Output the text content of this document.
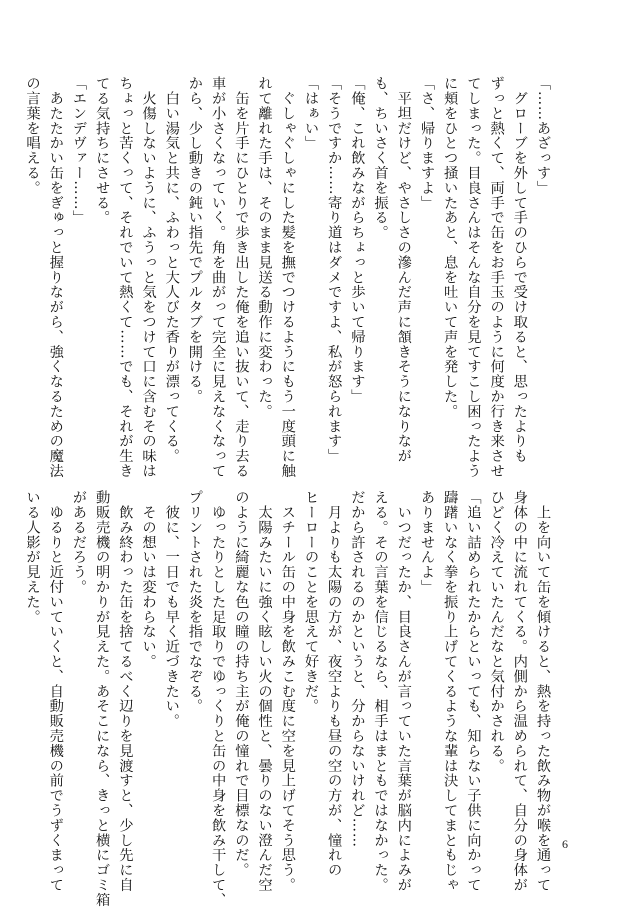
「……あざっす」
　グローブを外して手のひらで受け取ると、思ったよりも
ずっと熱くて、両手で缶をお手玉のように何度か行き来させ
てしまった。目良さんはそんな自分を見てすこし困ったよう
に頬をひとつ掻いたあと、息を吐いて声を発した。
「さ、帰りますよ」
　平坦だけど、やさしさの滲んだ声に頷きそうになりなが
も、ちいさく首を振る。
「俺、これ飲みながらちょっと歩いて帰ります」
「そうですか……寄り道はダメですよ、私が怒られます」
「はぁい」
　ぐしゃぐしゃにした髪を撫でつけるようにもう一度頭に触
れて離れた手は、そのまま見送る動作に変わった。
　缶を片手にひとりで歩き出した俺を追い抜いて、走り去る
車が小さくなっていく。角を曲がって完全に見えなくなって
から、少し動きの鈍い指先でプルタブを開ける。
　白い湯気と共に、ふわっと大人びた香りが漂ってくる。
　火傷しないように、ふうっと気をつけて口に含むその味は
ちょっと苦くって、それでいて熱くて……でも、それが生き
てる気持ちにさせる。
「エンデヴァー……」
　あたたかい缶をぎゅっと握りながら、強くなるための魔法
の言葉を唱える。
　上を向いて缶を傾けると、熱を持った飲み物が喉を通って
身体の中に流れてくる。内側から温められて、自分の身体が
ひどく冷えていたんだなと気付かされる。
「追い詰められたからといっても、知らない子供に向かって
躊躇いなく拳を振り上げてくるような輩は決してまともじゃ
ありませんよ」
　いつだったか、目良さんが言っていた言葉が脳内によみが
える。その言葉を信じるなら、相手はまともではなかった。
だから許されるのかというと、分からないけれど……
　月よりも太陽の方が、夜空よりも昼の空の方が、憧れの
ヒーローのことを思えて好きだ。
　スチール缶の中身を飲みこむ度に空を見上げてそう思う。
　太陽みたいに強く眩しい火の個性と、曇りのない澄んだ空
のように綺麗な色の瞳の持ち主が俺の憧れで目標なのだ。
　ゆったりとした足取りでゆっくりと缶の中身を飲み干して、
プリントされた炎を指でなぞる。
　彼に、一日でも早く近づきたい。
　その想いは変わらない。
　飲み終わった缶を捨てるべく辺りを見渡すと、少し先に自
動販売機の明かりが見えた。あそこになら、きっと横にゴミ箱
があるだろう。
　ゆるりと近付いていくと、自動販売機の前でうずくまって
いる人影が見えた。
6
